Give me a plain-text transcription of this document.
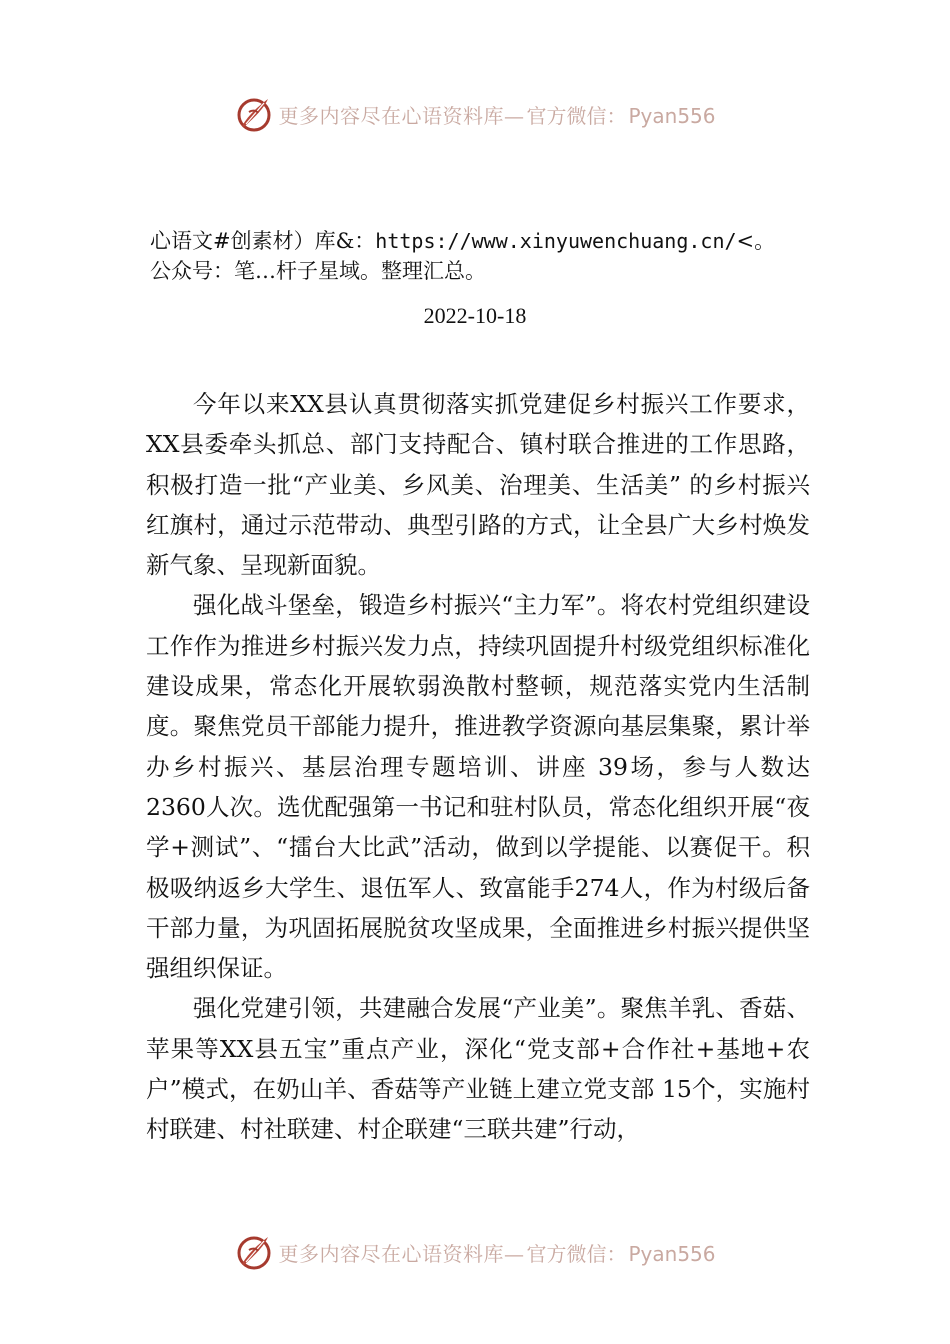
更多内容尽在心语资料库— 官方微信： Pyan556
心语文#创素材）库&：https://www.xinyuwenchuang.cn/<。
公众号：笔…杆子星域。整理汇总。
2022-10-18

今年以来XX县认真贯彻落实抓党建促乡村振兴工作要求，XX县委牵头抓总、部门支持配合、镇村联合推进的工作思路，积极打造一批“产业美、乡风美、治理美、生活美” 的乡村振兴红旗村，通过示范带动、典型引路的方式，让全县广大乡村焕发新气象、呈现新面貌。

强化战斗堡垒，锻造乡村振兴“主力军”。将农村党组织建设工作作为推进乡村振兴发力点，持续巩固提升村级党组织标准化建设成果，常态化开展软弱涣散村整顿，规范落实党内生活制度。聚焦党员干部能力提升，推进教学资源向基层集聚，累计举办乡村振兴、基层治理专题培训、讲座 39场，参与人数达 2360人次。选优配强第一书记和驻村队员，常态化组织开展“夜学+测试”、“擂台大比武”活动，做到以学提能、以赛促干。积极吸纳返乡大学生、退伍军人、致富能手274人，作为村级后备干部力量，为巩固拓展脱贫攻坚成果，全面推进乡村振兴提供坚强组织保证。

强化党建引领，共建融合发展“产业美”。聚焦羊乳、香菇、苹果等XX县五宝”重点产业，深化“党支部+合作社+基地+农户”模式，在奶山羊、香菇等产业链上建立党支部 15个，实施村村联建、村社联建、村企联建“三联共建”行动，

更多内容尽在心语资料库— 官方微信： Pyan556
